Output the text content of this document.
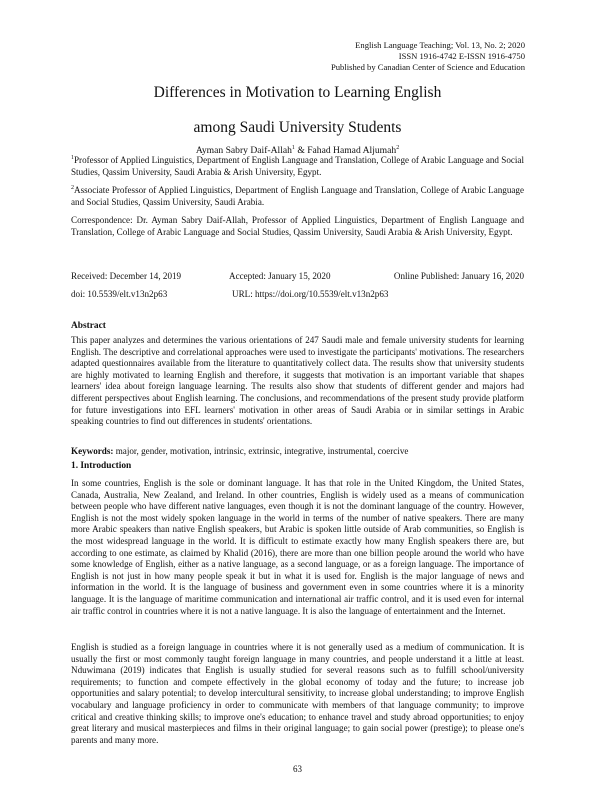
English Language Teaching; Vol. 13, No. 2; 2020
ISSN 1916-4742 E-ISSN 1916-4750
Published by Canadian Center of Science and Education
Differences in Motivation to Learning English
among Saudi University Students
Ayman Sabry Daif-Allah$^1$ & Fahad Hamad Aljumah$^2$
$^1$Professor of Applied Linguistics, Department of English Language and Translation, College of Arabic Language and Social Studies, Qassim University, Saudi Arabia & Arish University, Egypt.
$^2$Associate Professor of Applied Linguistics, Department of English Language and Translation, College of Arabic Language and Social Studies, Qassim University, Saudi Arabia.
Correspondence: Dr. Ayman Sabry Daif-Allah, Professor of Applied Linguistics, Department of English Language and Translation, College of Arabic Language and Social Studies, Qassim University, Saudi Arabia & Arish University, Egypt.
Received: December 14, 2019	Accepted: January 15, 2020	Online Published: January 16, 2020
doi: 10.5539/elt.v13n2p63	URL: https://doi.org/10.5539/elt.v13n2p63
Abstract
This paper analyzes and determines the various orientations of 247 Saudi male and female university students for learning English. The descriptive and correlational approaches were used to investigate the participants' motivations. The researchers adapted questionnaires available from the literature to quantitatively collect data. The results show that university students are highly motivated to learning English and therefore, it suggests that motivation is an important variable that shapes learners' idea about foreign language learning. The results also show that students of different gender and majors had different perspectives about English learning. The conclusions, and recommendations of the present study provide platform for future investigations into EFL learners' motivation in other areas of Saudi Arabia or in similar settings in Arabic speaking countries to find out differences in students' orientations.
Keywords: major, gender, motivation, intrinsic, extrinsic, integrative, instrumental, coercive
1. Introduction
In some countries, English is the sole or dominant language. It has that role in the United Kingdom, the United States, Canada, Australia, New Zealand, and Ireland. In other countries, English is widely used as a means of communication between people who have different native languages, even though it is not the dominant language of the country. However, English is not the most widely spoken language in the world in terms of the number of native speakers. There are many more Arabic speakers than native English speakers, but Arabic is spoken little outside of Arab communities, so English is the most widespread language in the world. It is difficult to estimate exactly how many English speakers there are, but according to one estimate, as claimed by Khalid (2016), there are more than one billion people around the world who have some knowledge of English, either as a native language, as a second language, or as a foreign language. The importance of English is not just in how many people speak it but in what it is used for. English is the major language of news and information in the world. It is the language of business and government even in some countries where it is a minority language. It is the language of maritime communication and international air traffic control, and it is used even for internal air traffic control in countries where it is not a native language. It is also the language of entertainment and the Internet.
English is studied as a foreign language in countries where it is not generally used as a medium of communication. It is usually the first or most commonly taught foreign language in many countries, and people understand it a little at least. Nduwimana (2019) indicates that English is usually studied for several reasons such as to fulfill school/university requirements; to function and compete effectively in the global economy of today and the future; to increase job opportunities and salary potential; to develop intercultural sensitivity, to increase global understanding; to improve English vocabulary and language proficiency in order to communicate with members of that language community; to improve critical and creative thinking skills; to improve one's education; to enhance travel and study abroad opportunities; to enjoy great literary and musical masterpieces and films in their original language; to gain social power (prestige); to please one's parents and many more.
63
